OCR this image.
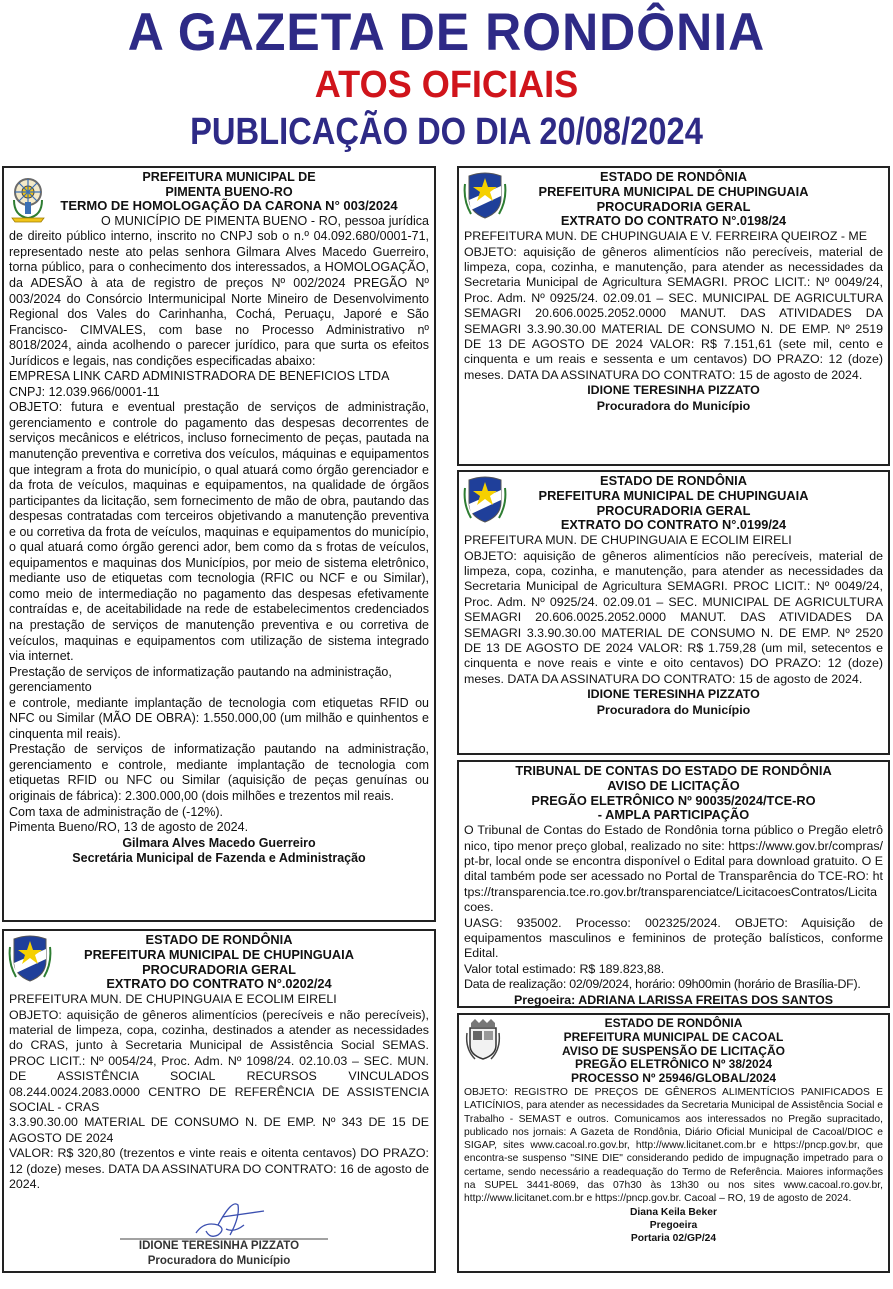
A GAZETA DE RONDÔNIA
ATOS OFICIAIS
PUBLICAÇÃO DO DIA 20/08/2024
PREFEITURA MUNICIPAL DE
PIMENTA BUENO-RO
TERMO DE HOMOLOGAÇÃO DA CARONA N° 003/2024
O MUNICÍPIO DE PIMENTA BUENO - RO, pessoa jurídica de direito público interno, inscrito no CNPJ sob o n.º 04.092.680/0001-71, representado neste ato pelas senhora Gilmara Alves Macedo Guerreiro, torna público, para o conhecimento dos interessados, a HOMOLOGAÇÃO, da ADESÃO à ata de registro de preços Nº 002/2024 PREGÃO Nº 003/2024 do Consórcio Intermunicipal Norte Mineiro de Desenvolvimento Regional dos Vales do Carinhanha, Cochá, Peruaçu, Japoré e São Francisco- CIMVALES, com base no Processo Administrativo nº 8018/2024, ainda acolhendo o parecer jurídico, para que surta os efeitos Jurídicos e legais, nas condições especificadas abaixo:
EMPRESA LINK CARD ADMINISTRADORA DE BENEFICIOS LTDA
CNPJ: 12.039.966/0001-11
OBJETO: futura e eventual prestação de serviços de administração, gerenciamento e controle do pagamento das despesas decorrentes de serviços mecânicos e elétricos, incluso fornecimento de peças, pautada na manutenção preventiva e corretiva dos veículos, máquinas e equipamentos que integram a frota do município, o qual atuará como órgão gerenciador e da frota de veículos, maquinas e equipamentos, na qualidade de órgãos participantes da licitação, sem fornecimento de mão de obra, pautando das despesas contratadas com terceiros objetivando a manutenção preventiva e ou corretiva da frota de veículos, maquinas e equipamentos do município, o qual atuará como órgão gerenci ador, bem como da s frotas de veículos, equipamentos e maquinas dos Municípios, por meio de sistema eletrônico, mediante uso de etiquetas com tecnologia (RFIC ou NCF e ou Similar), como meio de intermediação no pagamento das despesas efetivamente contraídas e, de aceitabilidade na rede de estabelecimentos credenciados na prestação de serviços de manutenção preventiva e ou corretiva de veículos, maquinas e equipamentos com utilização de sistema integrado via internet.
Prestação de serviços de informatização pautando na administração, gerenciamento
e controle, mediante implantação de tecnologia com etiquetas RFID ou NFC ou Similar (MÃO DE OBRA): 1.550.000,00 (um milhão e quinhentos e cinquenta mil reais).
Prestação de serviços de informatização pautando na administração, gerenciamento e controle, mediante implantação de tecnologia com etiquetas RFID ou NFC ou Similar (aquisição de peças genuínas ou originais de fábrica): 2.300.000,00 (dois milhões e trezentos mil reais.
Com taxa de administração de (-12%).
Pimenta Bueno/RO, 13 de agosto de 2024.
Gilmara Alves Macedo Guerreiro
Secretária Municipal de Fazenda e Administração
ESTADO DE RONDÔNIA
PREFEITURA MUNICIPAL DE CHUPINGUAIA
PROCURADORIA GERAL
EXTRATO DO CONTRATO N°.0202/24
PREFEITURA MUN. DE CHUPINGUAIA E ECOLIM EIRELI
OBJETO: aquisição de gêneros alimentícios (perecíveis e não perecíveis), material de limpeza, copa, cozinha, destinados a atender as necessidades do CRAS, junto à Secretaria Municipal de Assistência Social SEMAS. PROC LICIT.: Nº 0054/24, Proc. Adm. Nº 1098/24. 02.10.03 – SEC. MUN. DE ASSISTÊNCIA SOCIAL RECURSOS VINCULADOS 08.244.0024.2083.0000 CENTRO DE REFERÊNCIA DE ASSISTENCIA SOCIAL - CRAS
3.3.90.30.00 MATERIAL DE CONSUMO N. DE EMP. Nº 343 DE 15 DE AGOSTO DE 2024
VALOR: R$ 320,80 (trezentos e vinte reais e oitenta centavos) DO PRAZO: 12 (doze) meses. DATA DA ASSINATURA DO CONTRATO: 16 de agosto de 2024.
IDIONE TERESINHA PIZZATO
Procuradora do Município
ESTADO DE RONDÔNIA
PREFEITURA MUNICIPAL DE CHUPINGUAIA
PROCURADORIA GERAL
EXTRATO DO CONTRATO N°.0198/24
PREFEITURA MUN. DE CHUPINGUAIA E V. FERREIRA QUEIROZ - ME
OBJETO: aquisição de gêneros alimentícios não perecíveis, material de limpeza, copa, cozinha, e manutenção, para atender as necessidades da Secretaria Municipal de Agricultura SEMAGRI. PROC LICIT.: Nº 0049/24, Proc. Adm. Nº 0925/24. 02.09.01 – SEC. MUNICIPAL DE AGRICULTURA SEMAGRI 20.606.0025.2052.0000 MANUT. DAS ATIVIDADES DA SEMAGRI 3.3.90.30.00 MATERIAL DE CONSUMO N. DE EMP. Nº 2519 DE 13 DE AGOSTO DE 2024 VALOR: R$ 7.151,61 (sete mil, cento e cinquenta e um reais e sessenta e um centavos) DO PRAZO: 12 (doze) meses. DATA DA ASSINATURA DO CONTRATO: 15 de agosto de 2024.
IDIONE TERESINHA PIZZATO
Procuradora do Município
ESTADO DE RONDÔNIA
PREFEITURA MUNICIPAL DE CHUPINGUAIA
PROCURADORIA GERAL
EXTRATO DO CONTRATO N°.0199/24
PREFEITURA MUN. DE CHUPINGUAIA E ECOLIM EIRELI
OBJETO: aquisição de gêneros alimentícios não perecíveis, material de limpeza, copa, cozinha, e manutenção, para atender as necessidades da Secretaria Municipal de Agricultura SEMAGRI. PROC LICIT.: Nº 0049/24, Proc. Adm. Nº 0925/24. 02.09.01 – SEC. MUNICIPAL DE AGRICULTURA SEMAGRI 20.606.0025.2052.0000 MANUT. DAS ATIVIDADES DA SEMAGRI 3.3.90.30.00 MATERIAL DE CONSUMO N. DE EMP. Nº 2520 DE 13 DE AGOSTO DE 2024 VALOR: R$ 1.759,28 (um mil, setecentos e cinquenta e nove reais e vinte e oito centavos) DO PRAZO: 12 (doze) meses. DATA DA ASSINATURA DO CONTRATO: 15 de agosto de 2024.
IDIONE TERESINHA PIZZATO
Procuradora do Município
TRIBUNAL DE CONTAS DO ESTADO DE RONDÔNIA
AVISO DE LICITAÇÃO
PREGÃO ELETRÔNICO Nº 90035/2024/TCE-RO
- AMPLA PARTICIPAÇÃO
O Tribunal de Contas do Estado de Rondônia torna público o Pregão eletrônico, tipo menor preço global, realizado no site: https://www.gov.br/compras/pt-br, local onde se encontra disponível o Edital para download gratuito. O Edital também pode ser acessado no Portal de Transparência do TCE-RO: https://transparencia.tce.ro.gov.br/transparenciatce/LicitacoesContratos/Licitacoes.
UASG: 935002. Processo: 002325/2024. OBJETO: Aquisição de equipamentos masculinos e femininos de proteção balísticos, conforme Edital.
Valor total estimado: R$ 189.823,88.
Data de realização: 02/09/2024, horário: 09h00min (horário de Brasília-DF).
Pregoeira: ADRIANA LARISSA FREITAS DOS SANTOS
ESTADO DE RONDÔNIA
PREFEITURA MUNICIPAL DE CACOAL
AVISO DE SUSPENSÃO DE LICITAÇÃO
PREGÃO ELETRÔNICO Nº 38/2024
PROCESSO Nº 25946/GLOBAL/2024
OBJETO: REGISTRO DE PREÇOS DE GÊNEROS ALIMENTÍCIOS PANIFICADOS E LATICÍNIOS, para atender as necessidades da Secretaria Municipal de Assistência Social e Trabalho - SEMAST e outros. Comunicamos aos interessados no Pregão supracitado, publicado nos jornais: A Gazeta de Rondônia, Diário Oficial Municipal de Cacoal/DIOC e SIGAP, sites www.cacoal.ro.gov.br, http://www.licitanet.com.br e https://pncp.gov.br, que encontra-se suspenso "SINE DIE" considerando pedido de impugnação impetrado para o certame, sendo necessário a readequação do Termo de Referência. Maiores informações na SUPEL 3441-8069, das 07h30 às 13h30 ou nos sites www.cacoal.ro.gov.br, http://www.licitanet.com.br e https://pncp.gov.br. Cacoal – RO, 19 de agosto de 2024.
Diana Keila Beker
Pregoeira
Portaria 02/GP/24
